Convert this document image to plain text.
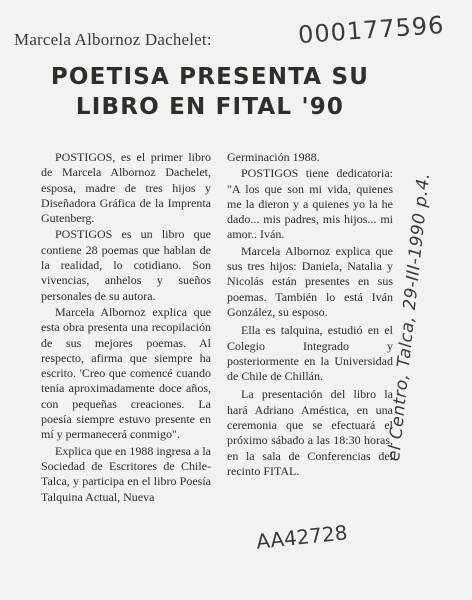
Marcela Albornoz Dachelet:	000177596
POETISA PRESENTA SU
LIBRO EN FITAL '90

POSTIGOS, es el primer libro de Marcela Albornoz Dachelet, esposa, madre de tres hijos y Diseñadora Gráfica de la Imprenta Gutenberg.

POSTIGOS es un libro que contiene 28 poemas que hablan de la realidad, lo cotidiano. Son vivencias, anhelos y sueños personales de su autora.

Marcela Albornoz explica que esta obra presenta una recopilación de sus mejores poemas. Al respecto, afirma que siempre ha escrito. 'Creo que comencé cuando tenía aproximadamente doce años, con pequeñas creaciones. La poesía siempre estuvo presente en mí y permanecerá conmigo".

Explica que en 1988 ingresa a la Sociedad de Escritores de Chile-Talca, y participa en el libro Poesía Talquina Actual, Nueva

Germinación 1988.

POSTIGOS tiene dedicatoria: "A los que son mi vida, quienes me la dieron y a quienes yo la he dado... mis padres, mis hijos... mi amor.. Iván.

Marcela Albornoz explica que sus tres hijos: Daniela, Natalia y Nicolás están presentes en sus poemas. También lo está Iván González, su esposo.

Ella es talquina, estudió en el Colegio Integrado y posteriormente en la Universidad de Chile de Chillán.

La presentación del libro la hará Adriano Améstica, en una ceremonia que se efectuará el próximo sábado a las 18:30 horas, en la sala de Conferencias del recinto FITAL.

el Centro, Talca, 29-III-1990 p.4.
AA42728
